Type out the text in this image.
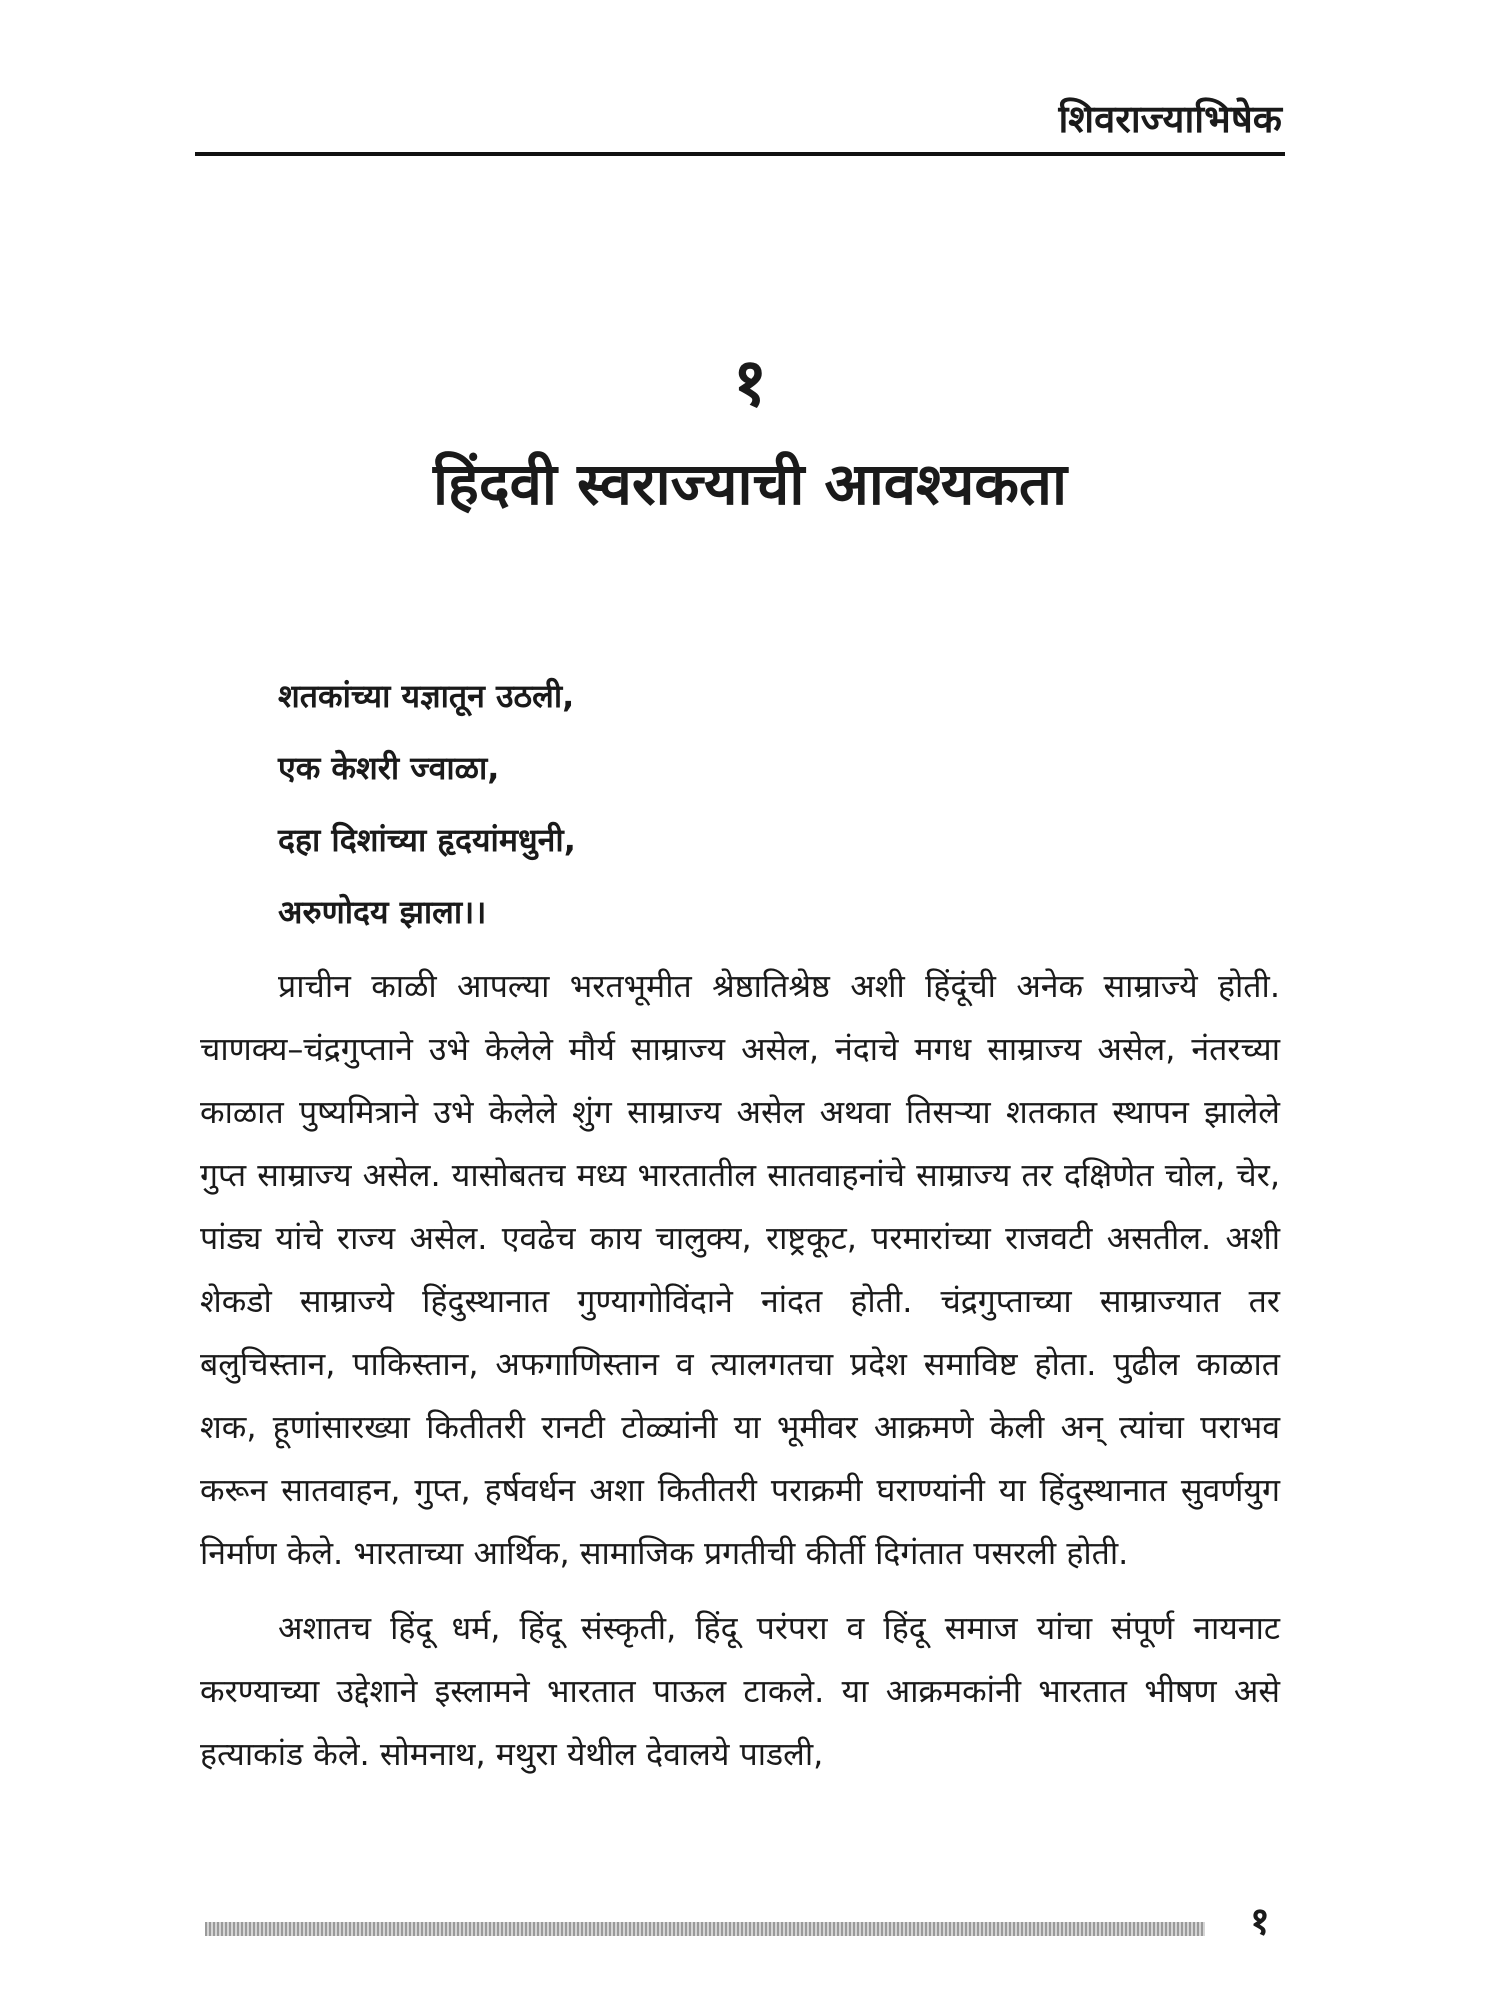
शिवराज्याभिषेक
१
हिंदवी स्वराज्याची आवश्यकता
शतकांच्या यज्ञातून उठली,
एक केशरी ज्वाळा,
दहा दिशांच्या हृदयांमधुनी,
अरुणोदय झाला।।

प्राचीन काळी आपल्या भरतभूमीत श्रेष्ठातिश्रेष्ठ अशी हिंदूंची अनेक साम्राज्ये होती. चाणक्य–चंद्रगुप्ताने उभे केलेले मौर्य साम्राज्य असेल, नंदाचे मगध साम्राज्य असेल, नंतरच्या काळात पुष्यमित्राने उभे केलेले शुंग साम्राज्य असेल अथवा तिसऱ्या शतकात स्थापन झालेले गुप्त साम्राज्य असेल. यासोबतच मध्य भारतातील सातवाहनांचे साम्राज्य तर दक्षिणेत चोल, चेर, पांड्य यांचे राज्य असेल. एवढेच काय चालुक्य, राष्ट्रकूट, परमारांच्या राजवटी असतील. अशी शेकडो साम्राज्ये हिंदुस्थानात गुण्यागोविंदाने नांदत होती. चंद्रगुप्ताच्या साम्राज्यात तर बलुचिस्तान, पाकिस्तान, अफगाणिस्तान व त्यालगतचा प्रदेश समाविष्ट होता. पुढील काळात शक, हूणांसारख्या कितीतरी रानटी टोळ्यांनी या भूमीवर आक्रमणे केली अन् त्यांचा पराभव करून सातवाहन, गुप्त, हर्षवर्धन अशा कितीतरी पराक्रमी घराण्यांनी या हिंदुस्थानात सुवर्णयुग निर्माण केले. भारताच्या आर्थिक, सामाजिक प्रगतीची कीर्ती दिगंतात पसरली होती.

अशातच हिंदू धर्म, हिंदू संस्कृती, हिंदू परंपरा व हिंदू समाज यांचा संपूर्ण नायनाट करण्याच्या उद्देशाने इस्लामने भारतात पाऊल टाकले. या आक्रमकांनी भारतात भीषण असे हत्याकांड केले. सोमनाथ, मथुरा येथील देवालये पाडली,

१
